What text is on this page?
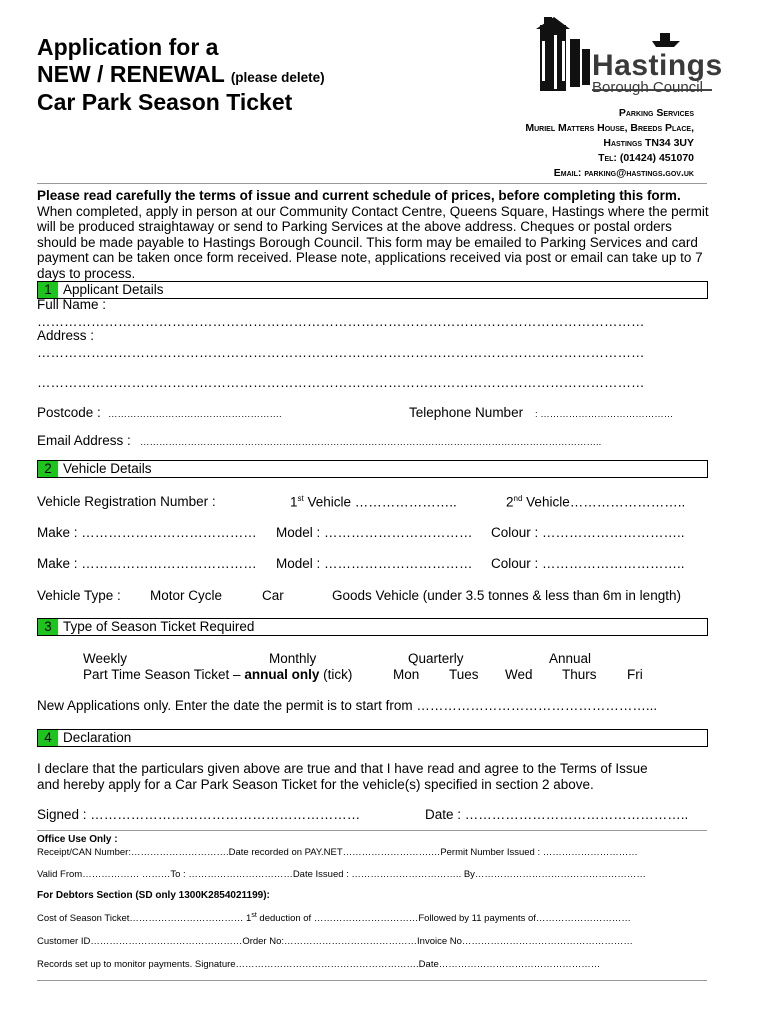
Application for a
NEW / RENEWAL (please delete)
Car Park Season Ticket
Hastings
Borough Council
Parking Services
Muriel Matters House, Breeds Place,
Hastings TN34 3UY
Tel: (01424) 451070
Email: parking@hastings.gov.uk
Please read carefully the terms of issue and current schedule of prices, before completing this form. When completed, apply in person at our Community Contact Centre, Queens Square, Hastings where the permit will be produced straightaway or send to Parking Services at the above address. Cheques or postal orders should be made payable to Hastings Borough Council. This form may be emailed to Parking Services and card payment can be taken once form received. Please note, applications received via post or email can take up to 7 days to process.
1 Applicant Details
Full Name :
………………………………………………………………………………………………………………………
Address :
………………………………………………………………………………………………………………………
………………………………………………………………………………………………………………………
Postcode : ……………………………………………….	Telephone Number : ……………………………………
Email Address : ………………………………………………………………………………………………………………………………..
2 Vehicle Details
Vehicle Registration Number :	1st Vehicle …………………..	2nd Vehicle……………………..
Make : ………………………………… Model : …………………………… Colour : …………………………..
Make : ………………………………… Model : …………………………… Colour : …………………………..
Vehicle Type : Motor Cycle	Car	Goods Vehicle (under 3.5 tonnes & less than 6m in length)
3 Type of Season Ticket Required
Weekly	Monthly	Quarterly	Annual
Part Time Season Ticket – annual only (tick)	Mon Tues Wed Thurs Fri
New Applications only. Enter the date the permit is to start from ……………………………………………...
4 Declaration
I declare that the particulars given above are true and that I have read and agree to the Terms of Issue
and hereby apply for a Car Park Season Ticket for the vehicle(s) specified in section 2 above.
Signed : ……………………………………………………	Date : …………………………………………..
Office Use Only :
Receipt/CAN Number:………………………….Date recorded on PAY.NET……………………….…Permit Number Issued : …………………………
Valid From……………… ………To : ……………………………Date Issued : …………………………….. By………………………………………………
For Debtors Section (SD only 1300K2854021199):
Cost of Season Ticket……………………………… 1st deduction of ……………………………Followed by 11 payments of…………………………
Customer ID…………………………………………Order No:……………………………………Invoice No………………………………………………
Records set up to monitor payments. Signature………………………………………………….Date……………………………………………
